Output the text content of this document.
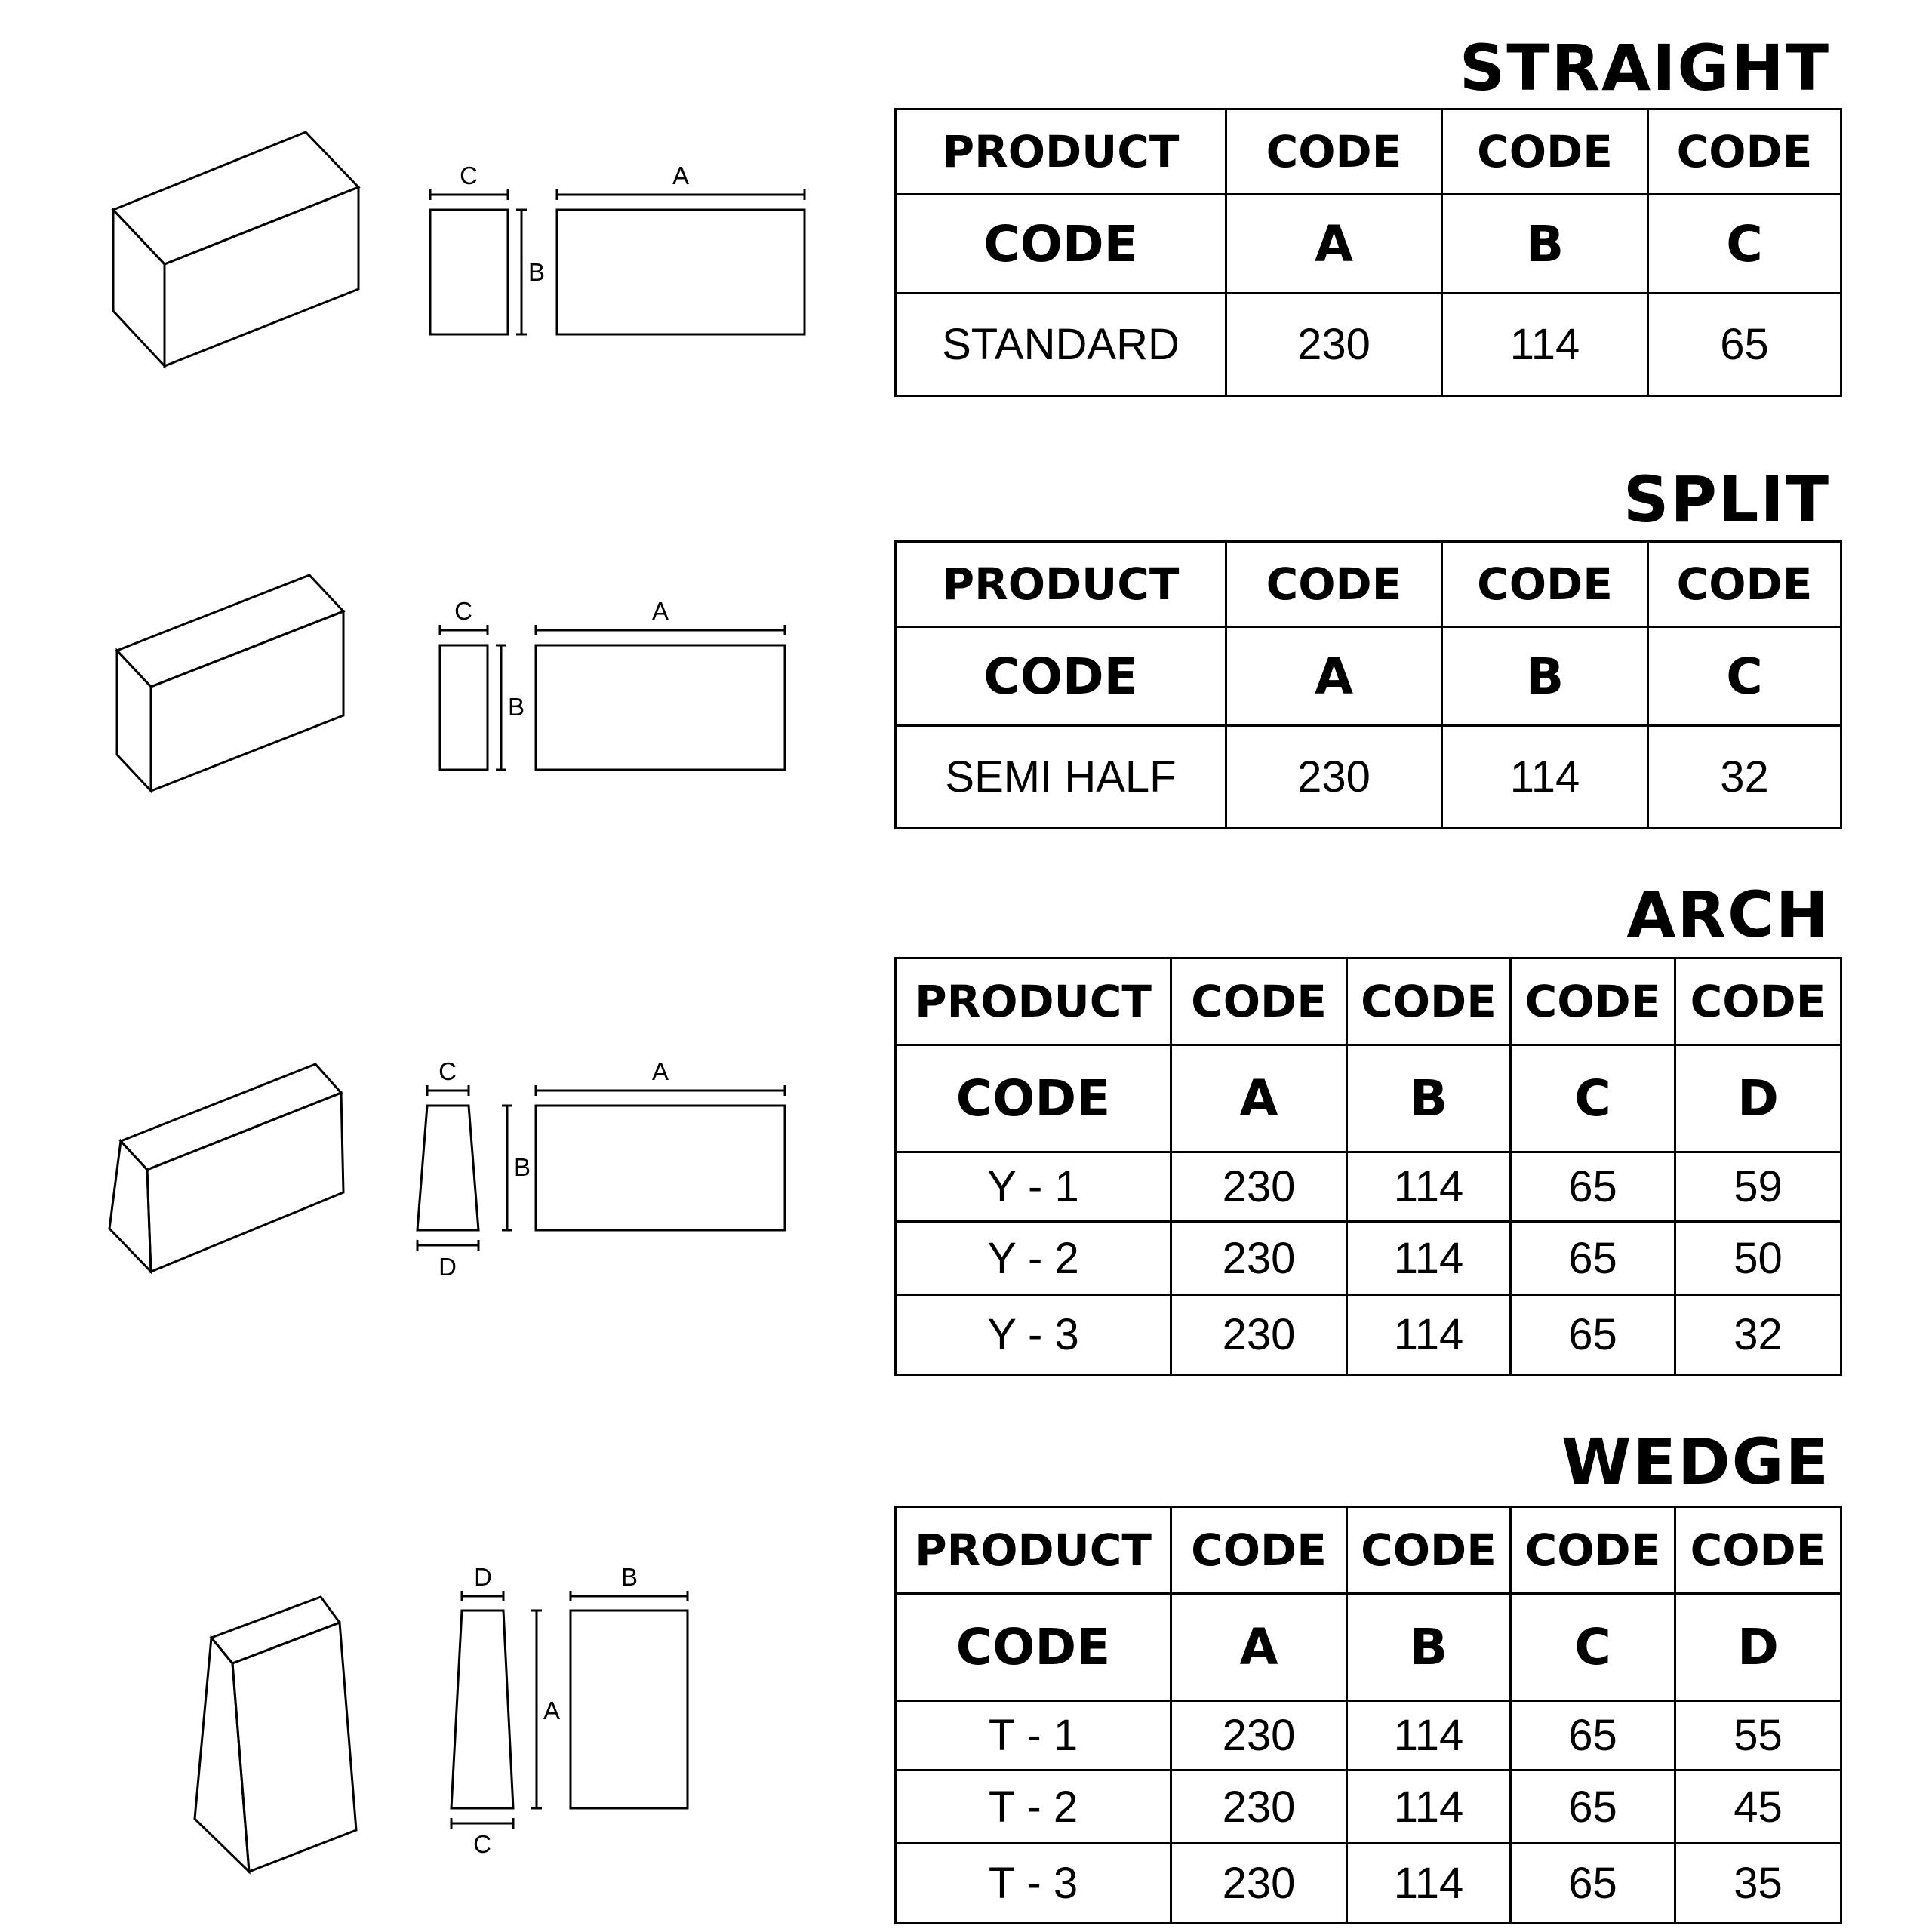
STRAIGHT
C	A
B
PRODUCT	CODE	CODE	CODE
CODE	A	B	C
STANDARD	230	114	65
SPLIT
C	A
B
PRODUCT	CODE	CODE	CODE
CODE	A	B	C
SEMI HALF	230	114	32
ARCH
C	A
B
D
PRODUCT	CODE	CODE	CODE	CODE
CODE	A	B	C	D
Y - 1	230	114	65	59
Y - 2	230	114	65	50
Y - 3	230	114	65	32
WEDGE
D	B
A
C
PRODUCT	CODE	CODE	CODE	CODE
CODE	A	B	C	D
T - 1	230	114	65	55
T - 2	230	114	65	45
T - 3	230	114	65	35
